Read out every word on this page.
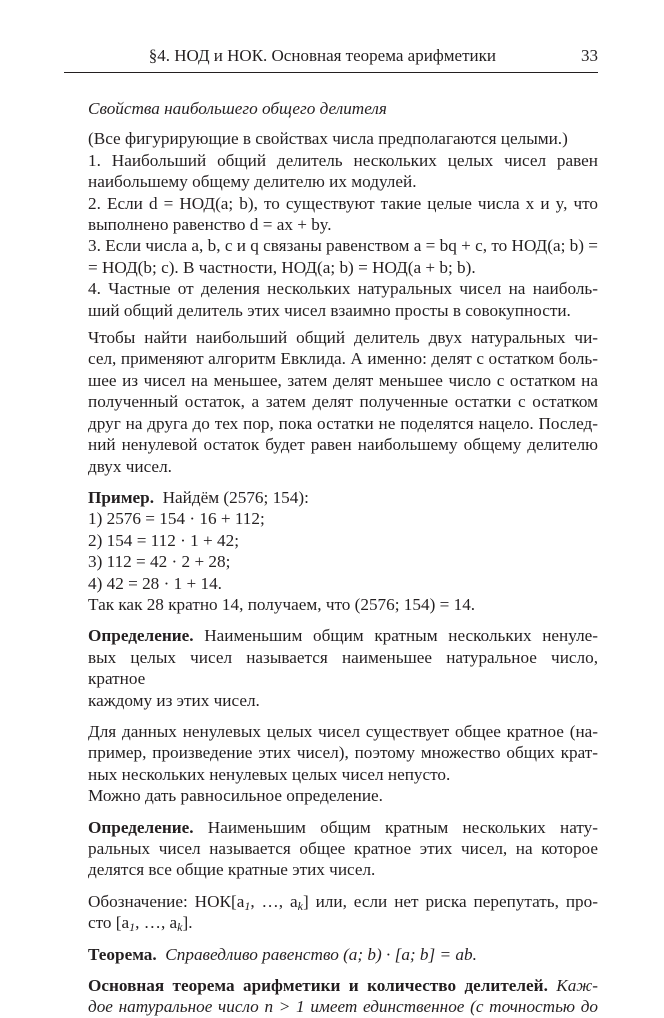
§4. НОД и НОК. Основная теорема арифметики	33

Свойства наибольшего общего делителя

(Все фигурирующие в свойствах числа предполагаются целыми.)
1. Наибольший общий делитель нескольких целых чисел равен
наибольшему общему делителю их модулей.
2. Если d = НОД(a; b), то существуют такие целые числа x и y, что
выполнено равенство d = ax + by.
3. Если числа a, b, c и q связаны равенством a = bq + c, то НОД(a; b) =
= НОД(b; c). В частности, НОД(a; b) = НОД(a + b; b).
4. Частные от деления нескольких натуральных чисел на наиболь-
ший общий делитель этих чисел взаимно просты в совокупности.

Чтобы найти наибольший общий делитель двух натуральных чи-
сел, применяют алгоритм Евклида. А именно: делят с остатком боль-
шее из чисел на меньшее, затем делят меньшее число с остатком на
полученный остаток, а затем делят полученные остатки с остатком
друг на друга до тех пор, пока остатки не поделятся нацело. Послед-
ний ненулевой остаток будет равен наибольшему общему делителю
двух чисел.

Пример. Найдём (2576; 154):
1) 2576 = 154 · 16 + 112;
2) 154 = 112 · 1 + 42;
3) 112 = 42 · 2 + 28;
4) 42 = 28 · 1 + 14.
Так как 28 кратно 14, получаем, что (2576; 154) = 14.

Определение. Наименьшим общим кратным нескольких ненуле-
вых целых чисел называется наименьшее натуральное число, кратное
каждому из этих чисел.

Для данных ненулевых целых чисел существует общее кратное (на-
пример, произведение этих чисел), поэтому множество общих крат-
ных нескольких ненулевых целых чисел непусто.
Можно дать равносильное определение.

Определение. Наименьшим общим кратным нескольких нату-
ральных чисел называется общее кратное этих чисел, на которое
делятся все общие кратные этих чисел.

Обозначение: $НОК[a_1$, …, $a_k$] или, если нет риска перепутать, про-
сто [$a_1$, …, $a_k$].

Теорема. Справедливо равенство (a; b) · [a; b] = ab.

Основная теорема арифметики и количество делителей. Каж-
дое натуральное число n > 1 имеет единственное (с точностью до
